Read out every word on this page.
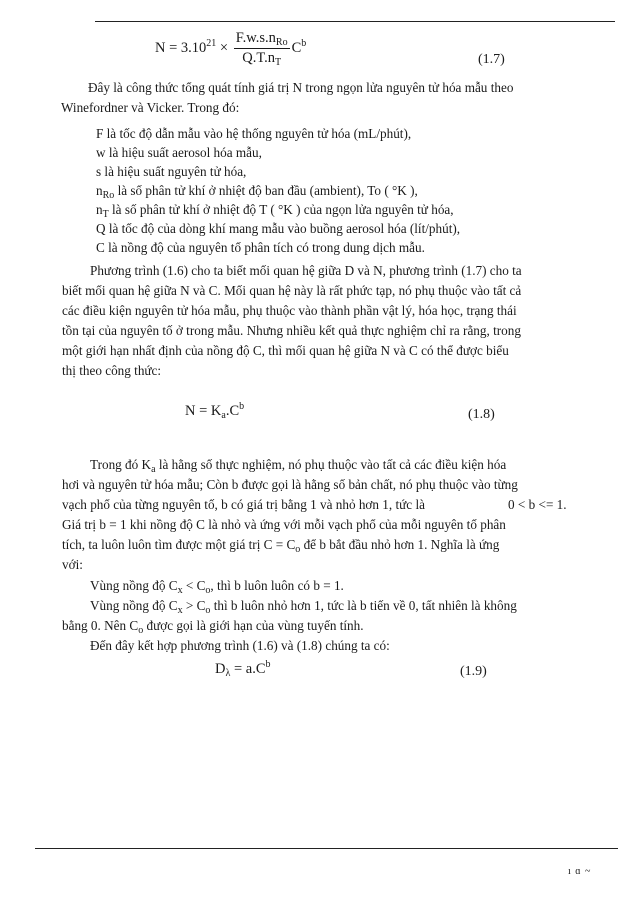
$N = 3.10^{21} \times \frac{F.w.s.n_{Ro}}{Q.T.n_T} C^b$
(1.7)
Đây là công thức tổng quát tính giá trị N trong ngọn lửa nguyên tử hóa mẫu theo
Winefordner và Vicker. Trong đó:
F là tốc độ dẫn mẫu vào hệ thống nguyên tử hóa (mL/phút),
w là hiệu suất aerosol hóa mẫu,
s là hiệu suất nguyên tử hóa,
$n_{Ro}$ là số phân tử khí ở nhiệt độ ban đầu (ambient), To ( °K ),
$n_T$ là số phân tử khí ở nhiệt độ T ( °K ) của ngọn lửa nguyên tử hóa,
Q là tốc độ của dòng khí mang mẫu vào buồng aerosol hóa (lít/phút),
C là nồng độ của nguyên tố phân tích có trong dung dịch mẫu.
Phương trình (1.6) cho ta biết mối quan hệ giữa D và N, phương trình (1.7) cho ta
biết mối quan hệ giữa N và C. Mối quan hệ này là rất phức tạp, nó phụ thuộc vào tất cả
các điều kiện nguyên tử hóa mẫu, phụ thuộc vào thành phần vật lý, hóa học, trạng thái
tồn tại của nguyên tố ở trong mẫu. Nhưng nhiều kết quả thực nghiệm chỉ ra rằng, trong
một giới hạn nhất định của nồng độ C, thì mối quan hệ giữa N và C có thể được biểu
thị theo công thức:
$N = K_a.C^b$
(1.8)
Trong đó $K_a$ là hằng số thực nghiệm, nó phụ thuộc vào tất cả các điều kiện hóa
hơi và nguyên tử hóa mẫu; Còn b được gọi là hằng số bản chất, nó phụ thuộc vào từng
vạch phổ của từng nguyên tố, b có giá trị bằng 1 và nhỏ hơn 1, tức là	0 < b <= 1.
Giá trị b = 1 khi nồng độ C là nhỏ và ứng với mỗi vạch phổ của mỗi nguyên tố phân
tích, ta luôn luôn tìm được một giá trị $C = C_o$ để b bắt đầu nhỏ hơn 1. Nghĩa là ứng
với:
Vùng nồng độ $C_x < C_o$, thì b luôn luôn có b = 1.
Vùng nồng độ $C_x > C_o$ thì b luôn nhỏ hơn 1, tức là b tiến về 0, tất nhiên là không
bằng 0. Nên $C_o$ được gọi là giới hạn của vùng tuyến tính.
Đến đây kết hợp phương trình (1.6) và (1.8) chúng ta có:
$D_\lambda = a.C^b$	(1.9)
ı ɑ ~
